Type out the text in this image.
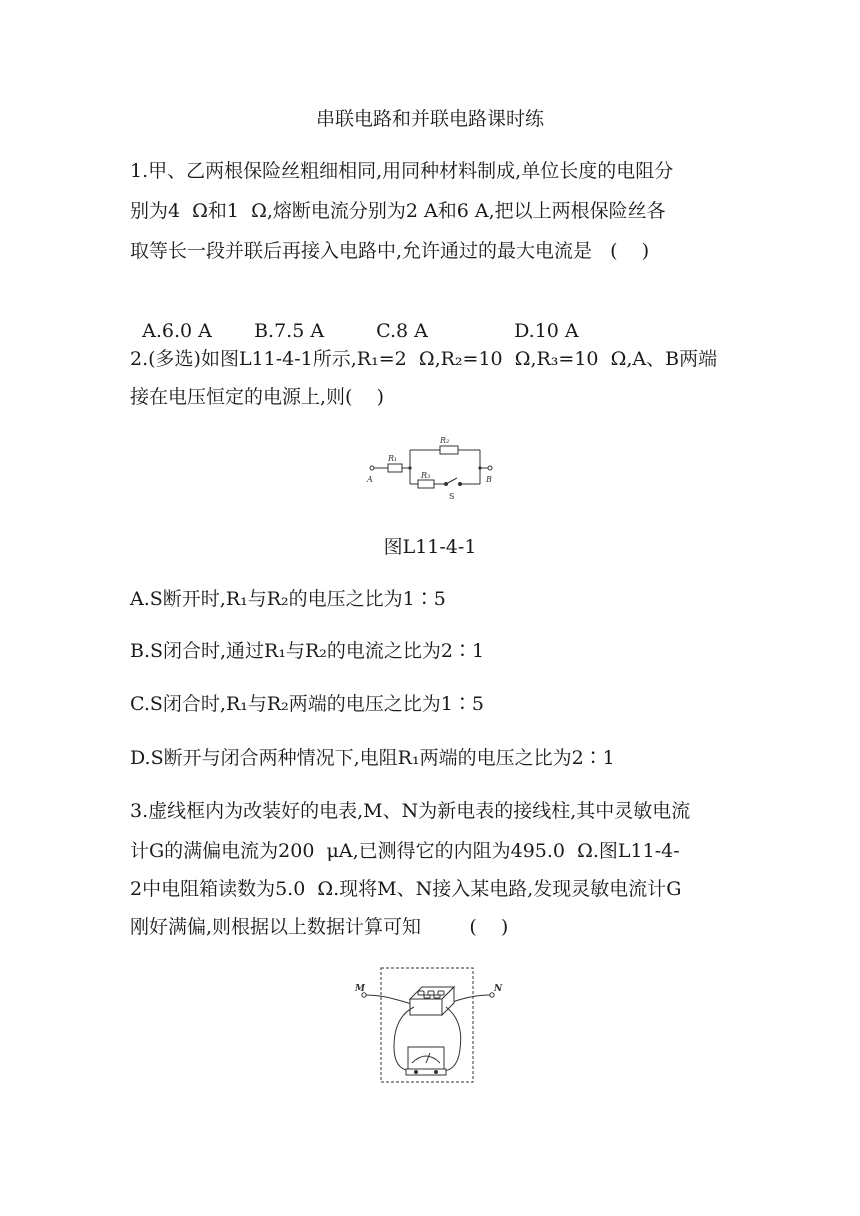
串联电路和并联电路课时练
1.甲、乙两根保险丝粗细相同,用同种材料制成,单位长度的电阻分
别为4  Ω和1  Ω,熔断电流分别为2 A和6 A,把以上两根保险丝各
取等长一段并联后再接入电路中,允许通过的最大电流是   (    )

A.6.0 A B.7.5 A	C.8 A	D.10 A

2.(多选)如图L11-4-1所示,R₁=2  Ω,R₂=10  Ω,R₃=10  Ω,A、B两端
接在电压恒定的电源上,则(    )
R₁
R₂
R₃
A	B
S
图L11-4-1
A.S断开时,R₁与R₂的电压之比为1∶5
B.S闭合时,通过R₁与R₂的电流之比为2∶1
C.S闭合时,R₁与R₂两端的电压之比为1∶5
D.S断开与闭合两种情况下,电阻R₁两端的电压之比为2∶1
3.虚线框内为改装好的电表,M、N为新电表的接线柱,其中灵敏电流
计G的满偏电流为200  μA,已测得它的内阻为495.0  Ω.图L11-4-
2中电阻箱读数为5.0  Ω.现将M、N接入某电路,发现灵敏电流计G
刚好满偏,则根据以上数据计算可知        (    )
M	N
